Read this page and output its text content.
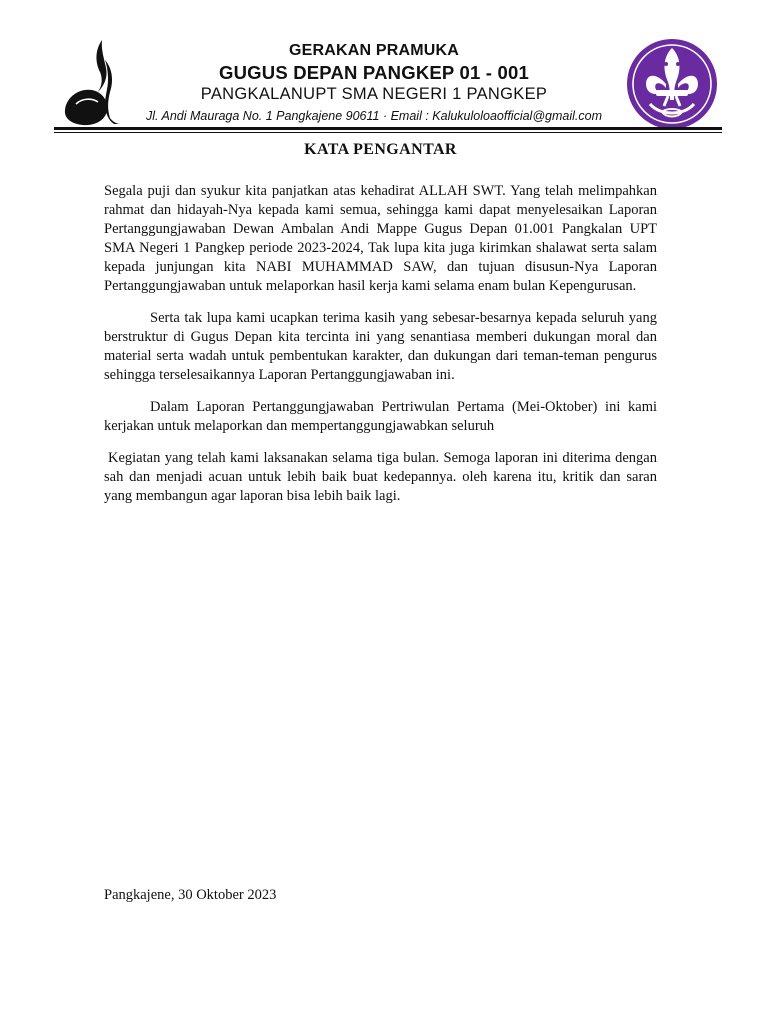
GERAKAN PRAMUKA
GUGUS DEPAN PANGKEP 01 - 001
PANGKALANUPT SMA NEGERI 1 PANGKEP
Jl. Andi Mauraga No. 1 Pangkajene 90611 · Email : Kalukuloloaofficial@gmail.com
KATA PENGANTAR

Segala puji dan syukur kita panjatkan atas kehadirat ALLAH SWT. Yang telah melimpahkan rahmat dan hidayah-Nya kepada kami semua, sehingga kami dapat menyelesaikan Laporan Pertanggungjawaban Dewan Ambalan Andi Mappe Gugus Depan 01.001 Pangkalan UPT SMA Negeri 1 Pangkep periode 2023-2024, Tak lupa kita juga kirimkan shalawat serta salam kepada junjungan kita NABI MUHAMMAD SAW, dan tujuan disusun-Nya Laporan Pertanggungjawaban untuk melaporkan hasil kerja kami selama enam bulan Kepengurusan.

Serta tak lupa kami ucapkan terima kasih yang sebesar-besarnya kepada seluruh yang berstruktur di Gugus Depan kita tercinta ini yang senantiasa memberi dukungan moral dan material serta wadah untuk pembentukan karakter, dan dukungan dari teman-teman pengurus sehingga terselesaikannya Laporan Pertanggungjawaban ini.

Dalam Laporan Pertanggungjawaban Pertriwulan Pertama (Mei-Oktober) ini kami kerjakan untuk melaporkan dan mempertanggungjawabkan seluruh

Kegiatan yang telah kami laksanakan selama tiga bulan. Semoga laporan ini diterima dengan sah dan menjadi acuan untuk lebih baik buat kedepannya. oleh karena itu, kritik dan saran yang membangun agar laporan bisa lebih baik lagi.

Pangkajene, 30 Oktober 2023
